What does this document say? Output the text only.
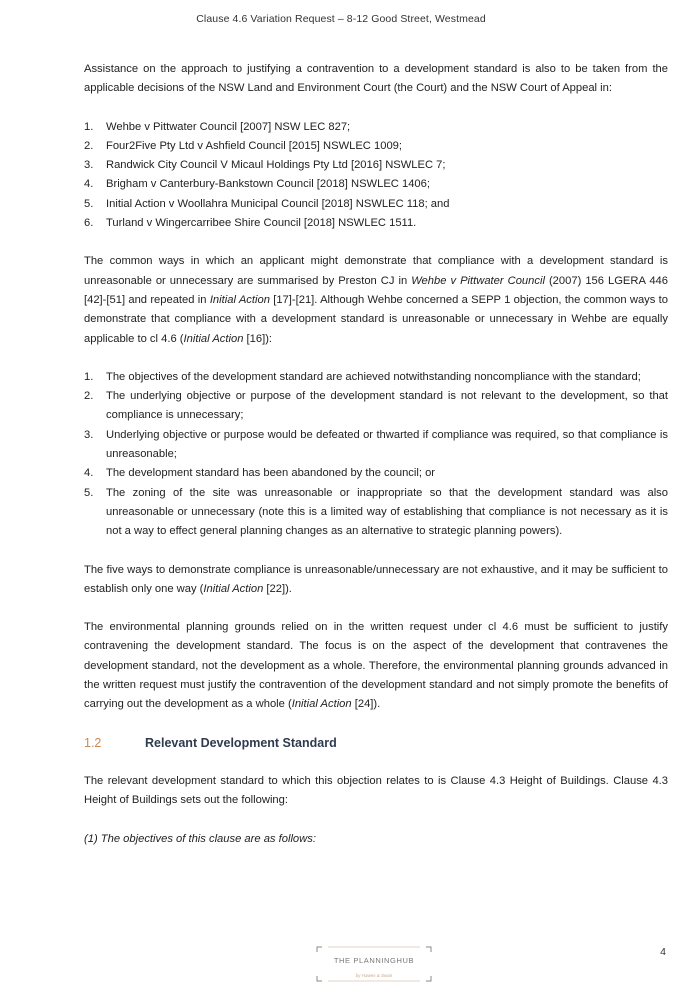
Clause 4.6 Variation Request – 8-12 Good Street, Westmead

Assistance on the approach to justifying a contravention to a development standard is also to be taken from the applicable decisions of the NSW Land and Environment Court (the Court) and the NSW Court of Appeal in:

1. Wehbe v Pittwater Council [2007] NSW LEC 827;
2. Four2Five Pty Ltd v Ashfield Council [2015] NSWLEC 1009;
3. Randwick City Council V Micaul Holdings Pty Ltd [2016] NSWLEC 7;
4. Brigham v Canterbury-Bankstown Council [2018] NSWLEC 1406;
5. Initial Action v Woollahra Municipal Council [2018] NSWLEC 118; and
6. Turland v Wingercarribee Shire Council [2018] NSWLEC 1511.

The common ways in which an applicant might demonstrate that compliance with a development standard is unreasonable or unnecessary are summarised by Preston CJ in Wehbe v Pittwater Council (2007) 156 LGERA 446 [42]-[51] and repeated in Initial Action [17]-[21]. Although Wehbe concerned a SEPP 1 objection, the common ways to demonstrate that compliance with a development standard is unreasonable or unnecessary in Wehbe are equally applicable to cl 4.6 (Initial Action [16]):

1. The objectives of the development standard are achieved notwithstanding noncompliance with the standard;
2. The underlying objective or purpose of the development standard is not relevant to the development, so that compliance is unnecessary;
3. Underlying objective or purpose would be defeated or thwarted if compliance was required, so that compliance is unreasonable;
4. The development standard has been abandoned by the council; or
5. The zoning of the site was unreasonable or inappropriate so that the development standard was also unreasonable or unnecessary (note this is a limited way of establishing that compliance is not necessary as it is not a way to effect general planning changes as an alternative to strategic planning powers).

The five ways to demonstrate compliance is unreasonable/unnecessary are not exhaustive, and it may be sufficient to establish only one way (Initial Action [22]).

The environmental planning grounds relied on in the written request under cl 4.6 must be sufficient to justify contravening the development standard. The focus is on the aspect of the development that contravenes the development standard, not the development as a whole. Therefore, the environmental planning grounds advanced in the written request must justify the contravention of the development standard and not simply promote the benefits of carrying out the development as a whole (Initial Action [24]).

1.2	Relevant Development Standard

The relevant development standard to which this objection relates to is Clause 4.3 Height of Buildings. Clause 4.3 Height of Buildings sets out the following:

(1) The objectives of this clause are as follows:

THE PLANNINGHUB
by Hawes & Swan
4
